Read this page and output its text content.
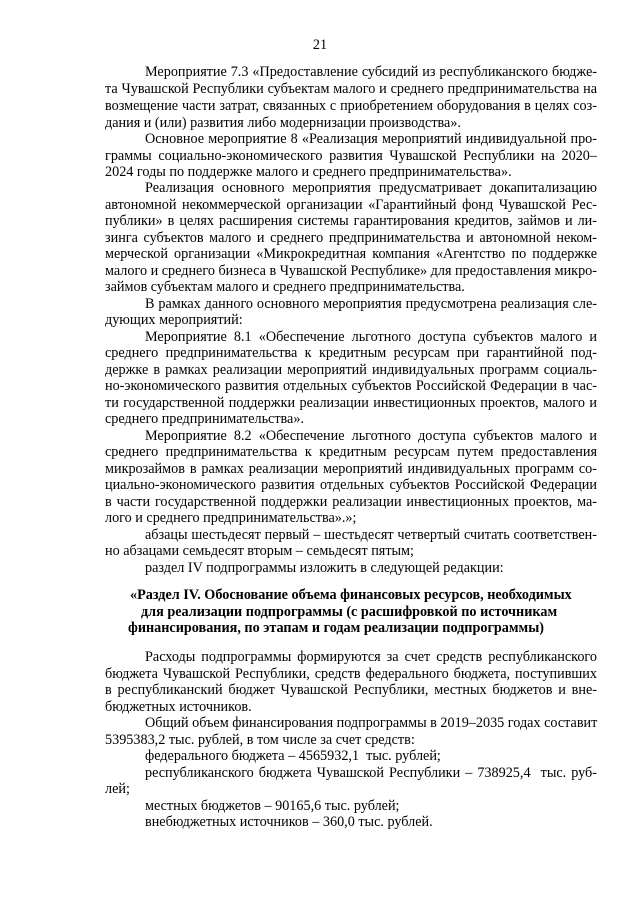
21
Мероприятие 7.3 «Предоставление субсидий из республиканского бюдже-
та Чувашской Республики субъектам малого и среднего предпринимательства на
возмещение части затрат, связанных с приобретением оборудования в целях соз-
дания и (или) развития либо модернизации производства».
Основное мероприятие 8 «Реализация мероприятий индивидуальной про-
граммы социально-экономического развития Чувашской Республики на 2020–
2024 годы по поддержке малого и среднего предпринимательства».
Реализация основного мероприятия предусматривает докапитализацию
автономной некоммерческой организации «Гарантийный фонд Чувашской Рес-
публики» в целях расширения системы гарантирования кредитов, займов и ли-
зинга субъектов малого и среднего предпринимательства и автономной неком-
мерческой организации «Микрокредитная компания «Агентство по поддержке
малого и среднего бизнеса в Чувашской Республике» для предоставления микро-
займов субъектам малого и среднего предпринимательства.
В рамках данного основного мероприятия предусмотрена реализация сле-
дующих мероприятий:
Мероприятие 8.1 «Обеспечение льготного доступа субъектов малого и
среднего предпринимательства к кредитным ресурсам при гарантийной под-
держке в рамках реализации мероприятий индивидуальных программ социаль-
но-экономического развития отдельных субъектов Российской Федерации в час-
ти государственной поддержки реализации инвестиционных проектов, малого и
среднего предпринимательства».
Мероприятие 8.2 «Обеспечение льготного доступа субъектов малого и
среднего предпринимательства к кредитным ресурсам путем предоставления
микрозаймов в рамках реализации мероприятий индивидуальных программ со-
циально-экономического развития отдельных субъектов Российской Федерации
в части государственной поддержки реализации инвестиционных проектов, ма-
лого и среднего предпринимательства».»;
абзацы шестьдесят первый – шестьдесят четвертый считать соответствен-
но абзацами семьдесят вторым – семьдесят пятым;
раздел IV подпрограммы изложить в следующей редакции:
«Раздел IV. Обоснование объема финансовых ресурсов, необходимых
для реализации подпрограммы (с расшифровкой по источникам
финансирования, по этапам и годам реализации подпрограммы)
Расходы подпрограммы формируются за счет средств республиканского
бюджета Чувашской Республики, средств федерального бюджета, поступивших
в республиканский бюджет Чувашской Республики, местных бюджетов и вне-
бюджетных источников.
Общий объем финансирования подпрограммы в 2019–2035 годах составит
5395383,2 тыс. рублей, в том числе за счет средств:
федерального бюджета – 4565932,1  тыс. рублей;
республиканского бюджета Чувашской Республики – 738925,4  тыс. руб-
лей;
местных бюджетов – 90165,6 тыс. рублей;
внебюджетных источников – 360,0 тыс. рублей.
